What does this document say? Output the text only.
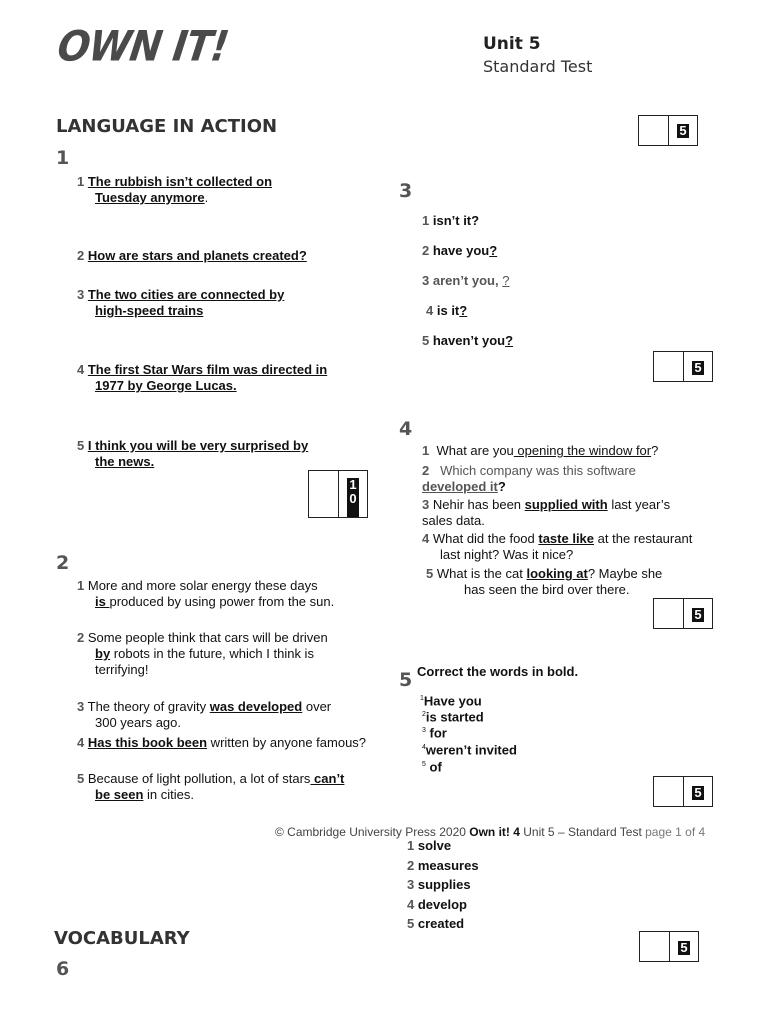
OWN IT!	Unit 5
Standard Test
LANGUAGE IN ACTION	5
1
1 The rubbish isn’t collected on
Tuesday anymore.
2 How are stars and planets created?
3 The two cities are connected by
high-speed trains
4 The first Star Wars film was directed in
1977 by George Lucas.
5 I think you will be very surprised by
the news.
10
2
1 More and more solar energy these days
is produced by using power from the sun.
2 Some people think that cars will be driven
by robots in the future, which I think is
terrifying!
3 The theory of gravity was developed over
300 years ago.
4 Has this book been written by anyone famous?
5 Because of light pollution, a lot of stars can’t
be seen in cities.
3
1 isn’t it?
2 have you?
3 aren’t you, ?
4 is it?
5 haven’t you?
5
4
1 What are you opening the window for?
2 Which company was this software
developed it?
3 Nehir has been supplied with last year’s
sales data.
4 What did the food taste like at the restaurant
last night? Was it nice?
5 What is the cat looking at? Maybe she
has seen the bird over there.
5
5 Correct the words in bold.
$^1$Have you
$^2$is started
$^3$ for
$^4$weren’t invited
$^5$ of
5
© Cambridge University Press 2020 Own it! 4 Unit 5 – Standard Test page 1 of 4
1 solve
2 measures
3 supplies
4 develop
5 created
VOCABULARY
6
5
